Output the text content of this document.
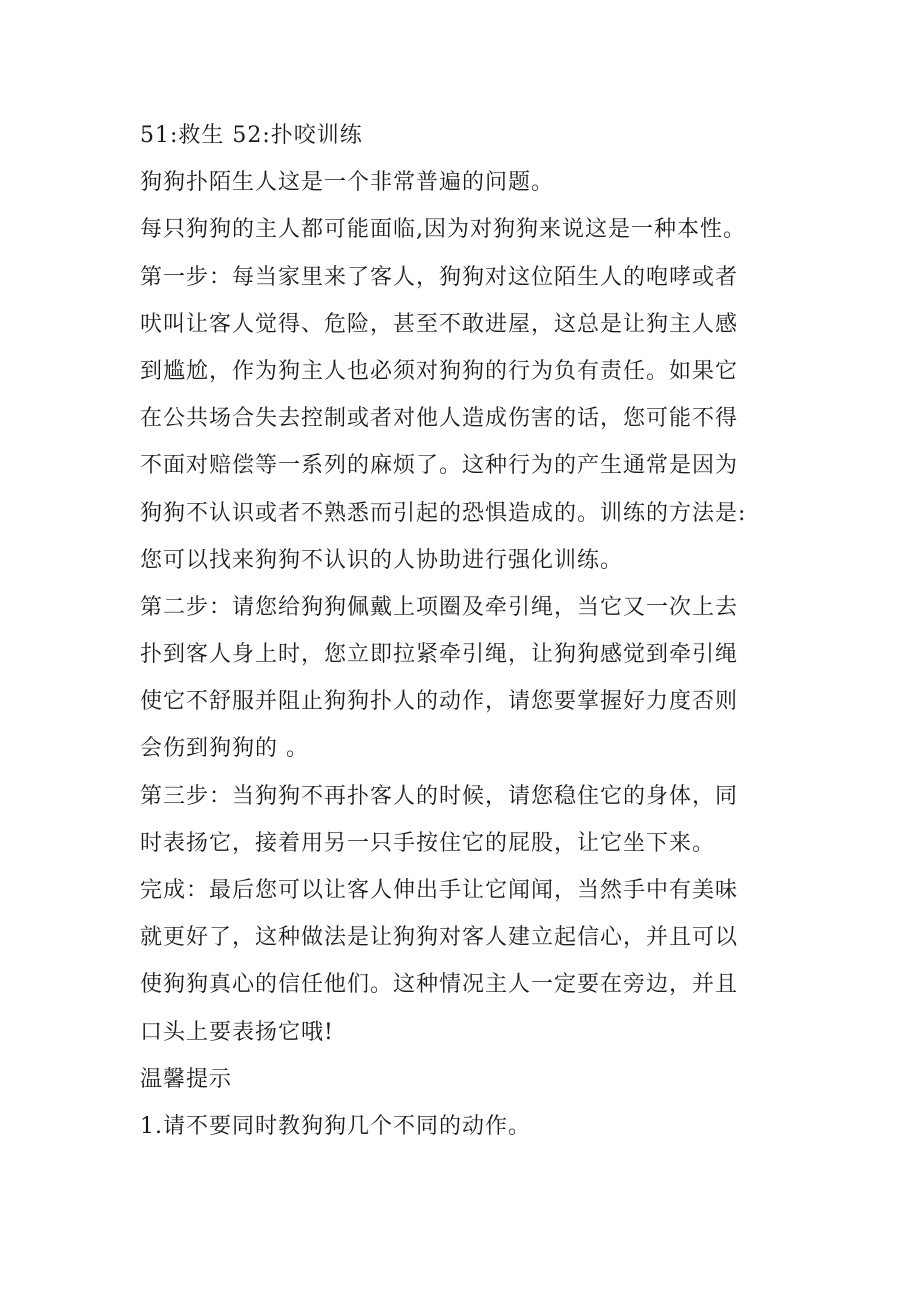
51:救生 52:扑咬训练
狗狗扑陌生人这是一个非常普遍的问题。
每只狗狗的主人都可能面临,因为对狗狗来说这是一种本性。
第一步：每当家里来了客人，狗狗对这位陌生人的咆哮或者
吠叫让客人觉得、危险，甚至不敢进屋，这总是让狗主人感
到尴尬，作为狗主人也必须对狗狗的行为负有责任。如果它
在公共场合失去控制或者对他人造成伤害的话，您可能不得
不面对赔偿等一系列的麻烦了。这种行为的产生通常是因为
狗狗不认识或者不熟悉而引起的恐惧造成的。训练的方法是:
您可以找来狗狗不认识的人协助进行强化训练。
第二步：请您给狗狗佩戴上项圈及牵引绳，当它又一次上去
扑到客人身上时，您立即拉紧牵引绳，让狗狗感觉到牵引绳
使它不舒服并阻止狗狗扑人的动作，请您要掌握好力度否则
会伤到狗狗的 。
第三步：当狗狗不再扑客人的时候，请您稳住它的身体，同
时表扬它，接着用另一只手按住它的屁股，让它坐下来。
完成：最后您可以让客人伸出手让它闻闻，当然手中有美味
就更好了，这种做法是让狗狗对客人建立起信心，并且可以
使狗狗真心的信任他们。这种情况主人一定要在旁边，并且
口头上要表扬它哦!
温馨提示
1.请不要同时教狗狗几个不同的动作。
